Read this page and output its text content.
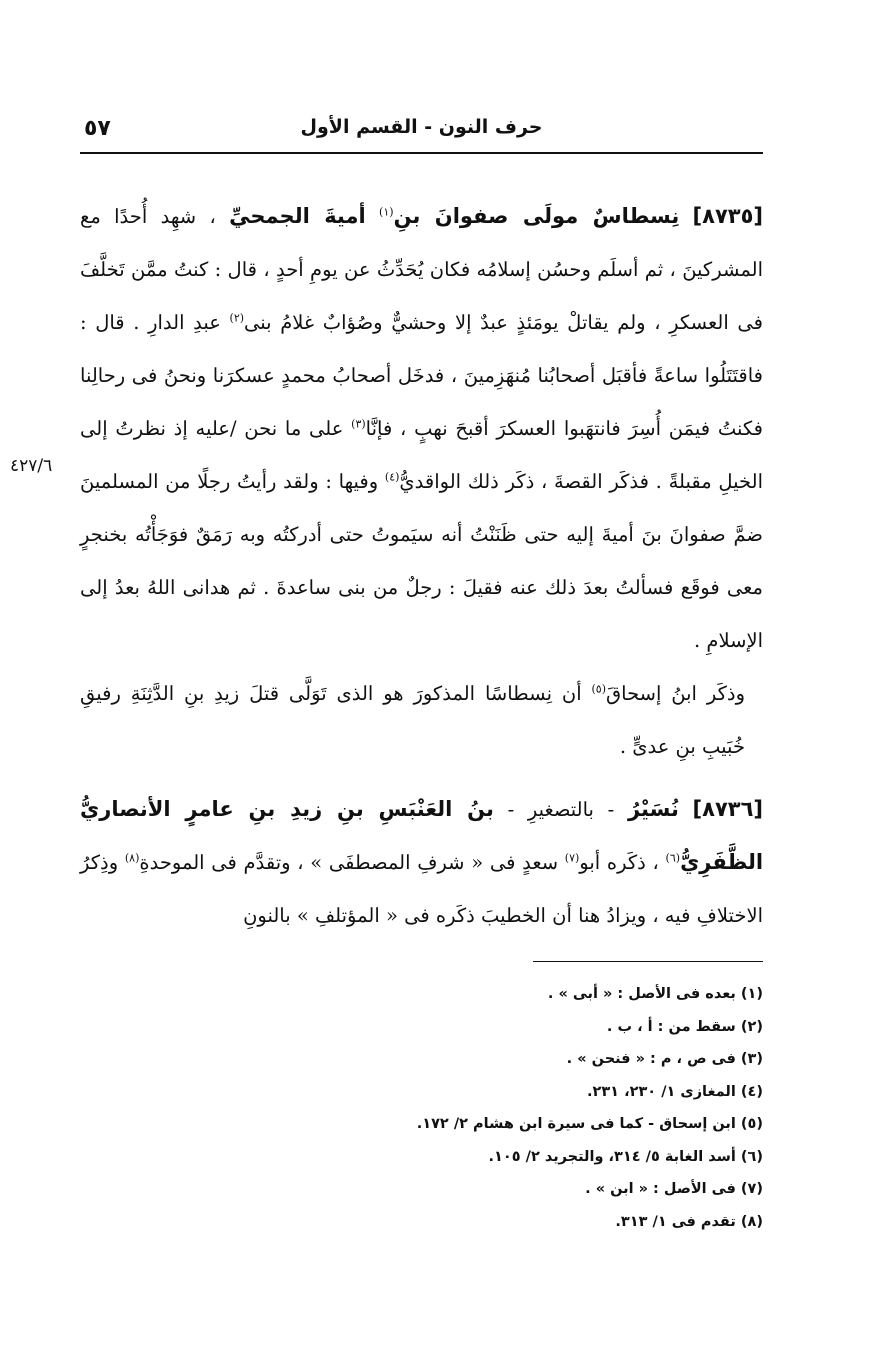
٥٧	حرف النون - القسم الأول
٤٢٧/٦

[٨٧٣٥] نِسطاسٌ مولَى صفوانَ بنِ$^{(١)}$ أميةَ الجمحيِّ ، شهِد أُحدًا مع المشركينَ ، ثم أسلَم وحسُن إسلامُه فكان يُحَدِّثُ عن يومِ أحدٍ ، قال : كنتُ ممَّن تَخلَّفَ فى العسكرِ ، ولم يقاتلْ يومَئذٍ عبدٌ إلا وحشيٌّ وصُؤابٌ غلامُ بنى$^{(٢)}$ عبدِ الدارِ . قال : فاقتَتَلُوا ساعةً فأقبَل أصحابُنا مُنهَزِمينَ ، فدخَل أصحابُ محمدٍ عسكرَنا ونحنُ فى رحالِنا فكنتُ فيمَن أُسِرَ فانتهَبوا العسكرَ أقبحَ نهبٍ ، فإنَّا$^{(٣)}$ على ما نحن /عليه إذ نظرتُ إلى الخيلِ مقبلةً . فذكَر القصةَ ، ذكَر ذلك الواقديُّ$^{(٤)}$ وفيها : ولقد رأيتُ رجلًا من المسلمينَ ضمَّ صفوانَ بنَ أميةَ إليه حتى ظَنَنْتُ أنه سيَموتُ حتى أدركتُه وبه رَمَقٌ فوَجَأْتُه بخنجرٍ معى فوقَع فسألتُ بعدَ ذلك عنه فقيلَ : رجلٌ من بنى ساعدةَ . ثم هدانى اللهُ بعدُ إلى الإسلامِ .

وذكَر ابنُ إسحاقَ$^{(٥)}$ أن نِسطاسًا المذكورَ هو الذى تَوَلَّى قتلَ زيدِ بنِ الدَّثِنَةِ رفيقِ خُبَيبِ بنِ عدىٍّ .

[٨٧٣٦] نُسَيْرُ - بالتصغيرِ - بنُ العَنْبَسِ بنِ زيدِ بنِ عامرٍ الأنصاريُّ الظَّفَرِيُّ$^{(٦)}$ ، ذكَره أبو$^{(٧)}$ سعدٍ فى « شرفِ المصطفَى » ، وتقدَّم فى الموحدةِ$^{(٨)}$ وذِكرُ الاختلافِ فيه ، ويزادُ هنا أن الخطيبَ ذكَره فى « المؤتلفِ » بالنونِ

(١) بعده فى الأصل : « أبى » .
(٢) سقط من : أ ، ب .
(٣) فى ص ، م : « فنحن » .
(٤) المغازى ١/ ٢٣٠، ٢٣١.
(٥) ابن إسحاق - كما فى سيرة ابن هشام ٢/ ١٧٢.
(٦) أسد الغابة ٥/ ٣١٤، والتجريد ٢/ ١٠٥.
(٧) فى الأصل : « ابن » .
(٨) تقدم فى ١/ ٣١٣.
